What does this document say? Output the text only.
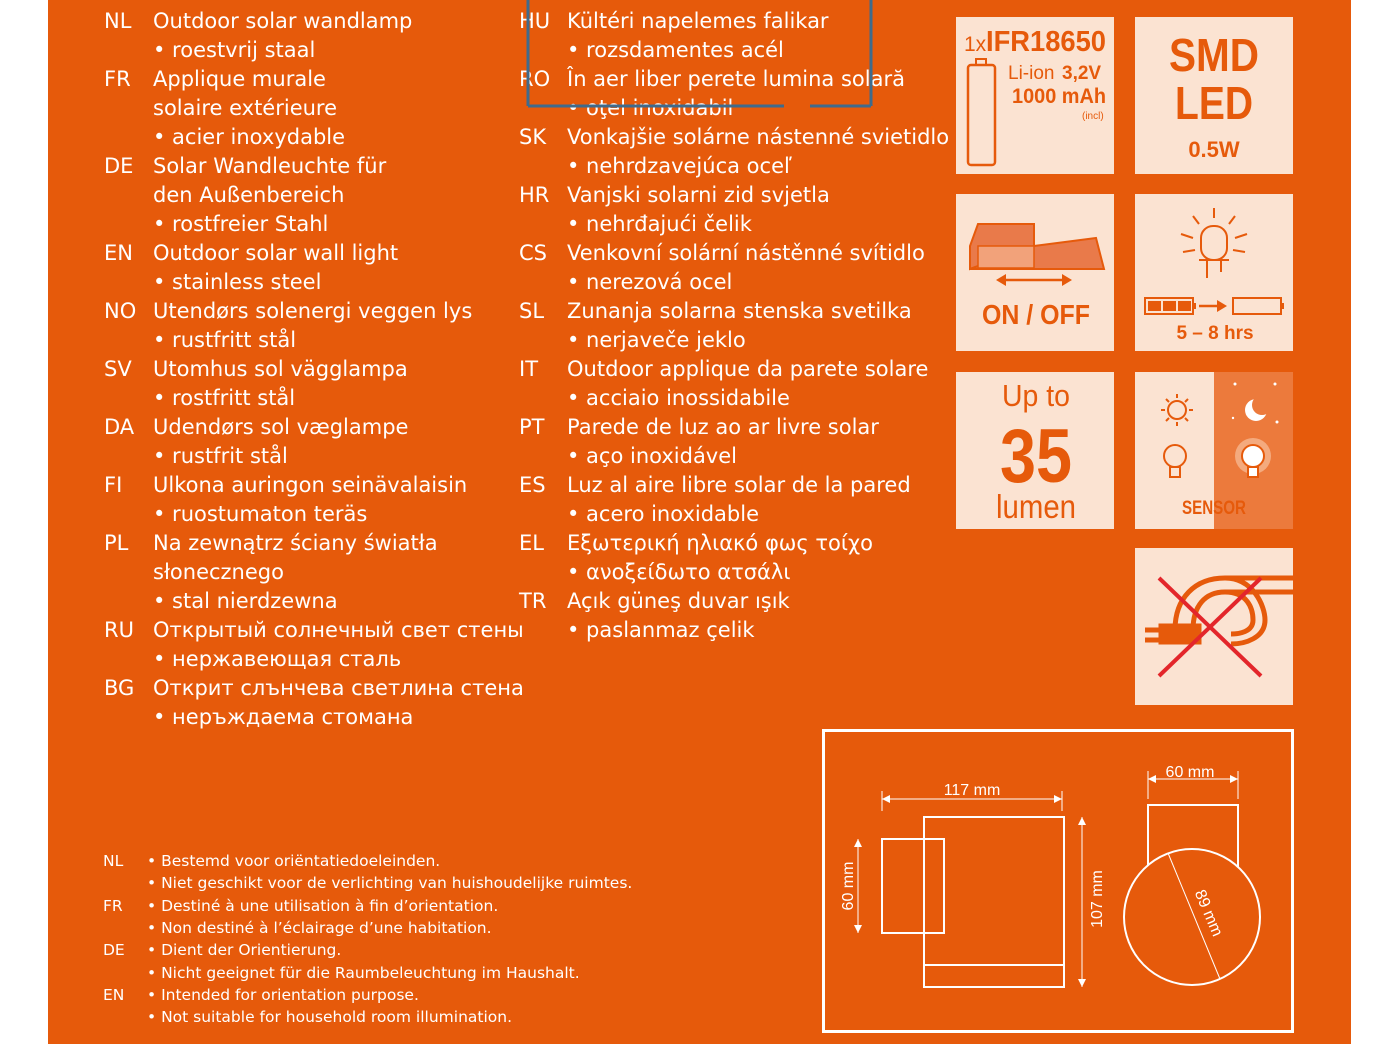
NL Outdoor solar wandlamp
• roestvrij staal
FR Applique murale
solaire extérieure
• acier inoxydable
DE Solar Wandleuchte für
den Außenbereich
• rostfreier Stahl
EN Outdoor solar wall light
• stainless steel
NO Utendørs solenergi veggen lys
• rustfritt stål
SV Utomhus sol vägglampa
• rostfritt stål
DA Udendørs sol væglampe
• rustfrit stål
FI Ulkona auringon seinävalaisin
• ruostumaton teräs
PL Na zewnątrz ściany światła
słonecznego
• stal nierdzewna
RU Открытый солнечный свет стены
• нержавеющая сталь
BG Открит слънчева светлина стена
• неръждаема стомана
HU Kültéri napelemes falikar
• rozsdamentes acél
RO În aer liber perete lumina solară
• oţel inoxidabil
SK Vonkajšie solárne nástenné svietidlo
• nehrdzavejúca oceľ
HR Vanjski solarni zid svjetla
• nehrđajući čelik
CS Venkovní solární nástěnné svítidlo
• nerezová ocel
SL Zunanja solarna stenska svetilka
• nerjaveče jeklo
IT Outdoor applique da parete solare
• acciaio inossidabile
PT Parede de luz ao ar livre solar
• aço inoxidável
ES Luz al aire libre solar de la pared
• acero inoxidable
EL Εξωτερική ηλιακό φως τοίχο
• ανοξείδωτο ατσάλι
TR Açık güneş duvar ışık
• paslanmaz çelik
NL • Bestemd voor oriëntatiedoeleinden.
• Niet geschikt voor de verlichting van huishoudelijke ruimtes.
FR • Destiné à une utilisation à fin d’orientation.
• Non destiné à l’éclairage d’une habitation.
DE • Dient der Orientierung.
• Nicht geeignet für die Raumbeleuchtung im Haushalt.
EN • Intended for orientation purpose.
• Not suitable for household room illumination.
1x IFR18650
Li-ion 3,2V
1000 mAh
(incl)
SMD
LED
0.5W
ON / OFF
5 – 8 hrs
Up to
35
lumen	SENSOR
117 mm
60 mm	107 mm
60 mm
89 mm
